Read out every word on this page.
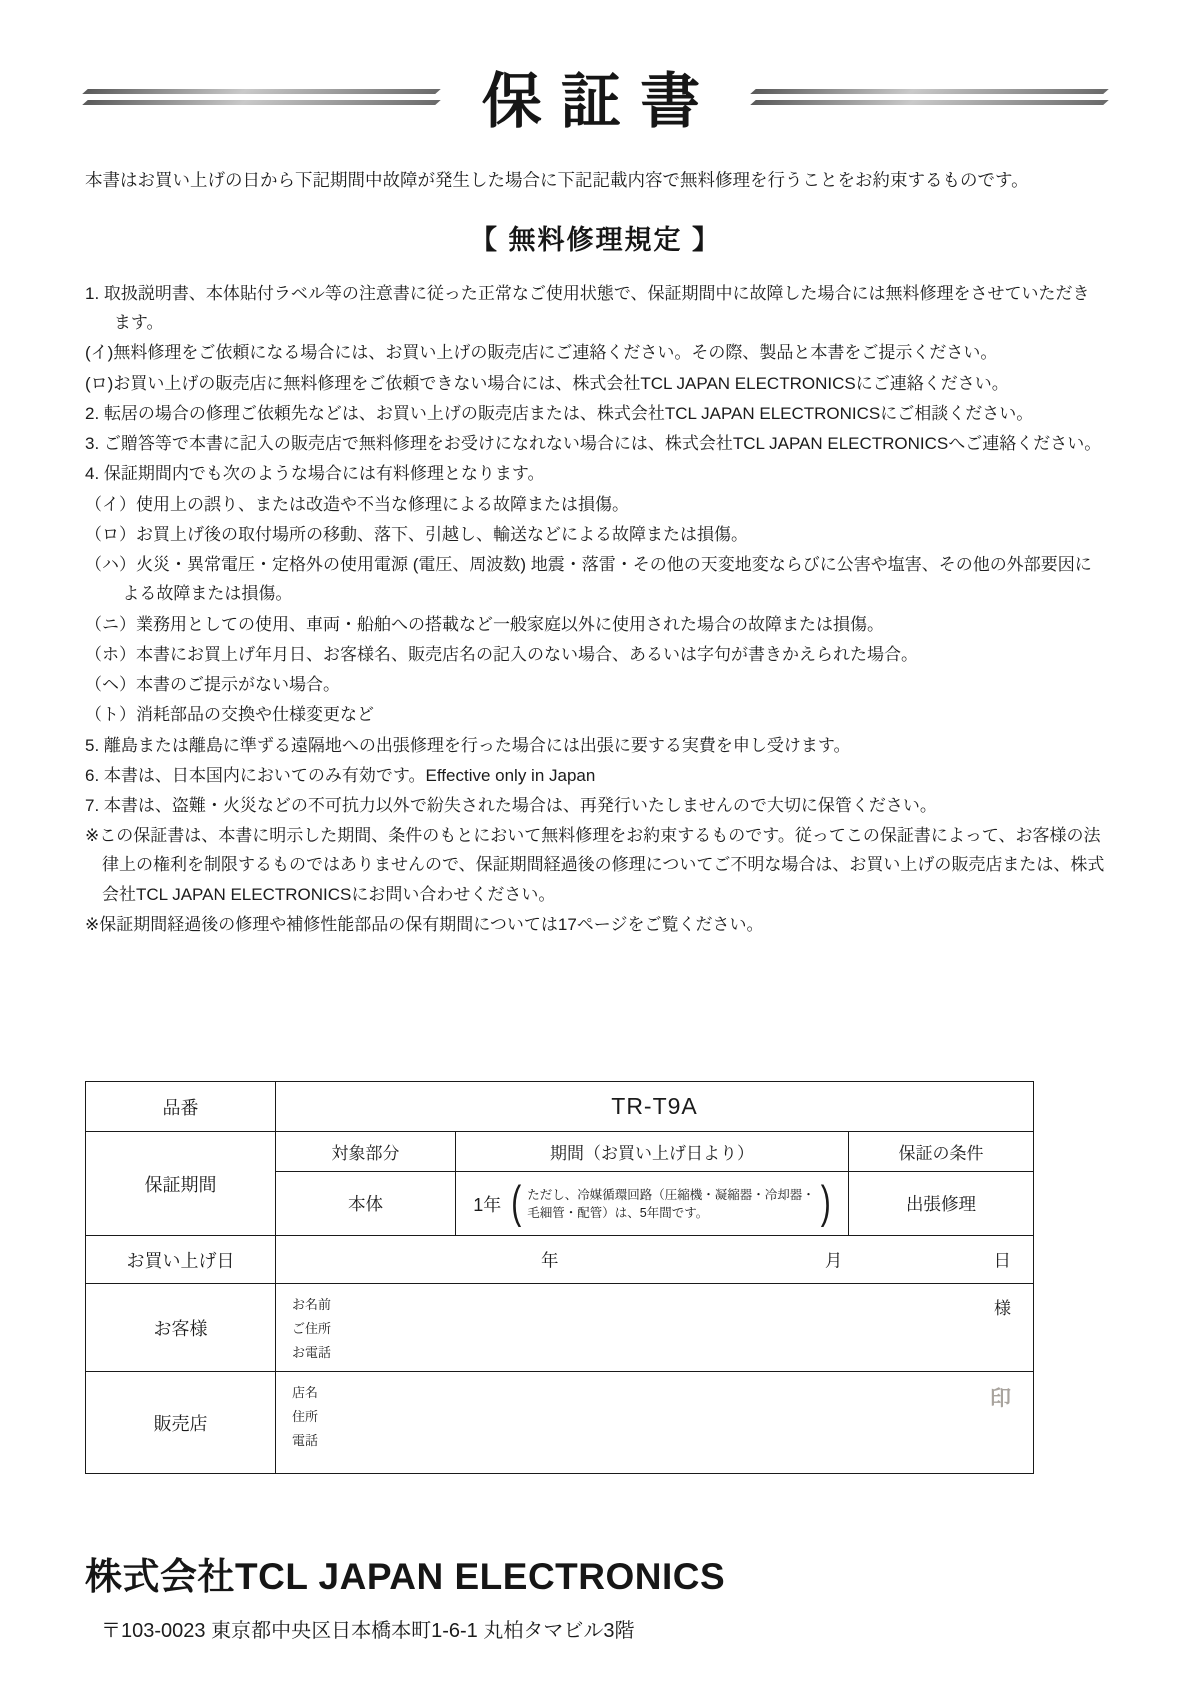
保証書

本書はお買い上げの日から下記期間中故障が発生した場合に下記記載内容で無料修理を行うことをお約束するものです。

【 無料修理規定 】

1. 取扱説明書、本体貼付ラベル等の注意書に従った正常なご使用状態で、保証期間中に故障した場合には無料修理をさせていただきます。

(イ)無料修理をご依頼になる場合には、お買い上げの販売店にご連絡ください。その際、製品と本書をご提示ください。

(ロ)お買い上げの販売店に無料修理をご依頼できない場合には、株式会社TCL JAPAN ELECTRONICSにご連絡ください。

2. 転居の場合の修理ご依頼先などは、お買い上げの販売店または、株式会社TCL JAPAN ELECTRONICSにご相談ください。

3. ご贈答等で本書に記入の販売店で無料修理をお受けになれない場合には、株式会社TCL JAPAN ELECTRONICSへご連絡ください。

4. 保証期間内でも次のような場合には有料修理となります。

（イ）使用上の誤り、または改造や不当な修理による故障または損傷。

（ロ）お買上げ後の取付場所の移動、落下、引越し、輸送などによる故障または損傷。

（ハ）火災・異常電圧・定格外の使用電源 (電圧、周波数) 地震・落雷・その他の天変地変ならびに公害や塩害、その他の外部要因による故障または損傷。

（ニ）業務用としての使用、車両・船舶への搭載など一般家庭以外に使用された場合の故障または損傷。

（ホ）本書にお買上げ年月日、お客様名、販売店名の記入のない場合、あるいは字句が書きかえられた場合。

（ヘ）本書のご提示がない場合。

（ト）消耗部品の交換や仕様変更など

5. 離島または離島に準ずる遠隔地への出張修理を行った場合には出張に要する実費を申し受けます。

6. 本書は、日本国内においてのみ有効です。Effective only in Japan

7. 本書は、盗難・火災などの不可抗力以外で紛失された場合は、再発行いたしませんので大切に保管ください。

※この保証書は、本書に明示した期間、条件のもとにおいて無料修理をお約束するものです。従ってこの保証書によって、お客様の法律上の権利を制限するものではありませんので、保証期間経過後の修理についてご不明な場合は、お買い上げの販売店または、株式会社TCL JAPAN ELECTRONICSにお問い合わせください。

※保証期間経過後の修理や補修性能部品の保有期間については17ページをご覧ください。

品番	TR-T9A		
保証期間	対象部分	期間（お買い上げ日より）	保証の条件
	本体	1年 ( ただし、冷媒循環回路（圧縮機・凝縮器・冷却器・
毛細管・配管）は、5年間です。 )	出張修理
お買い上げ日	年 月 日		

お客様	お名前
ご住所
お電話
様		

販売店	店名
住所
電話
印		
株式会社TCL JAPAN ELECTRONICS
〒103-0023 東京都中央区日本橋本町1-6-1 丸柏タマビル3階
